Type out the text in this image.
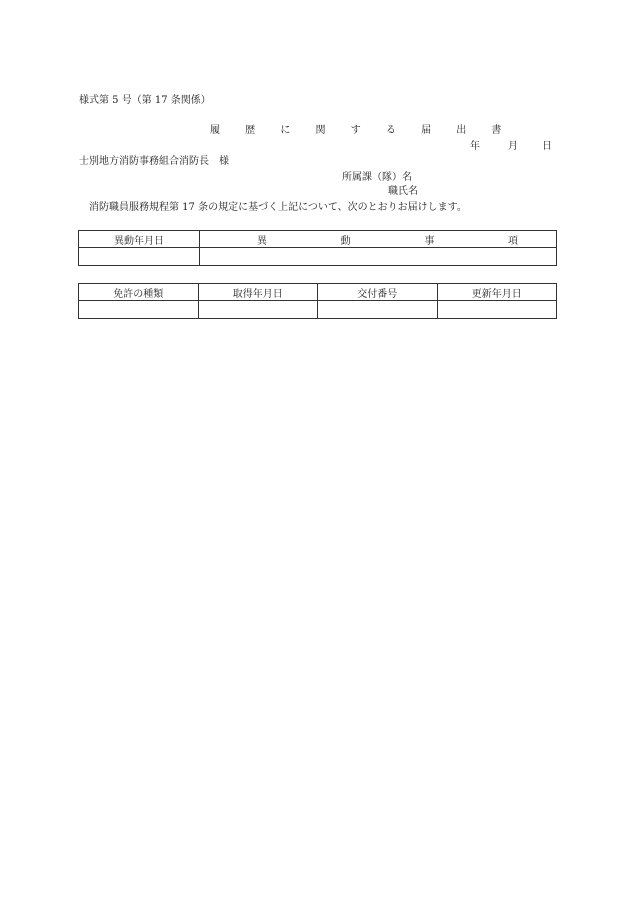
様式第 5 号（第 17 条関係）
履 歴 に 関 す る 届 出 書
年	月 日
士別地方消防事務組合消防長　様
所属課（隊）名
職氏名
消防職員服務規程第 17 条の規定に基づく上記について、次のとおりお届けします。
異動年月日	異 動 事 項

免許の種類	取得年月日	交付番号	更新年月日
